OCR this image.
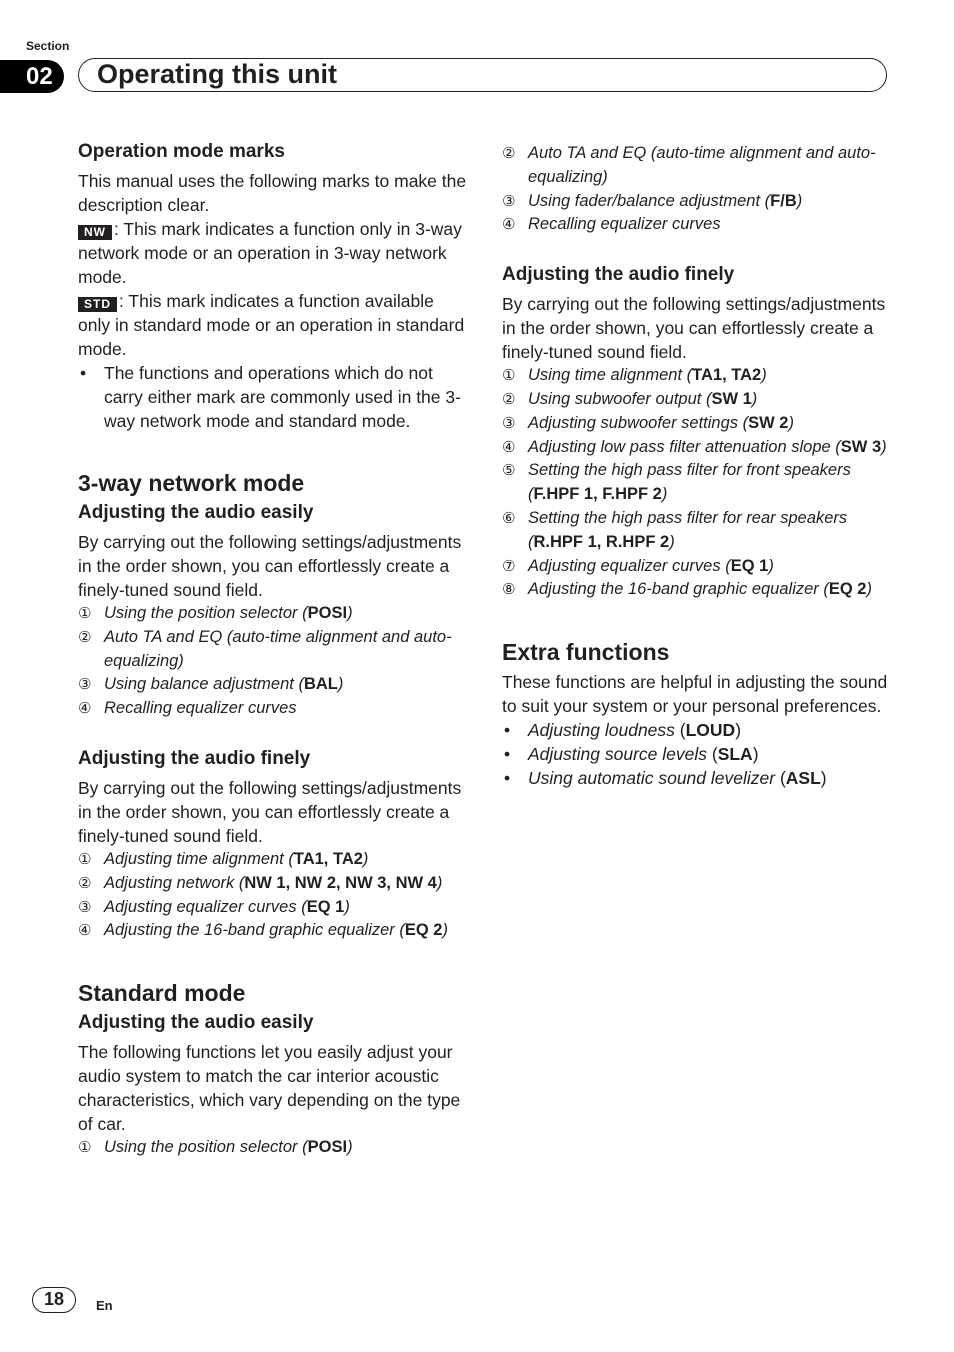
Section
02	Operating this unit
Operation mode marks

This manual uses the following marks to make the description clear.

NW : This mark indicates a function only in 3-way network mode or an operation in 3-way network mode.

STD : This mark indicates a function available only in standard mode or an operation in standard mode.

• The functions and operations which do not carry either mark are commonly used in the 3-way network mode and standard mode.
3-way network mode
Adjusting the audio easily

By carrying out the following settings/adjustments in the order shown, you can effortlessly create a finely-tuned sound field.

① Using the position selector (POSI)
② Auto TA and EQ (auto-time alignment and auto-equalizing)
③ Using balance adjustment (BAL)
④ Recalling equalizer curves
Adjusting the audio finely

By carrying out the following settings/adjustments in the order shown, you can effortlessly create a finely-tuned sound field.

① Adjusting time alignment (TA1, TA2)
② Adjusting network (NW 1, NW 2, NW 3, NW 4)
③ Adjusting equalizer curves (EQ 1)
④ Adjusting the 16-band graphic equalizer (EQ 2)
Standard mode
Adjusting the audio easily

The following functions let you easily adjust your audio system to match the car interior acoustic characteristics, which vary depending on the type of car.

① Using the position selector (POSI)
② Auto TA and EQ (auto-time alignment and auto-equalizing)
③ Using fader/balance adjustment (F/B)
④ Recalling equalizer curves
Adjusting the audio finely

By carrying out the following settings/adjustments in the order shown, you can effortlessly create a finely-tuned sound field.

① Using time alignment (TA1, TA2)
② Using subwoofer output (SW 1)
③ Adjusting subwoofer settings (SW 2)
④ Adjusting low pass filter attenuation slope (SW 3)
⑤ Setting the high pass filter for front speakers (F.HPF 1, F.HPF 2)
⑥ Setting the high pass filter for rear speakers (R.HPF 1, R.HPF 2)
⑦ Adjusting equalizer curves (EQ 1)
⑧ Adjusting the 16-band graphic equalizer (EQ 2)
Extra functions

These functions are helpful in adjusting the sound to suit your system or your personal preferences.

• Adjusting loudness (LOUD)
• Adjusting source levels (SLA)
• Using automatic sound levelizer (ASL)
18	En
